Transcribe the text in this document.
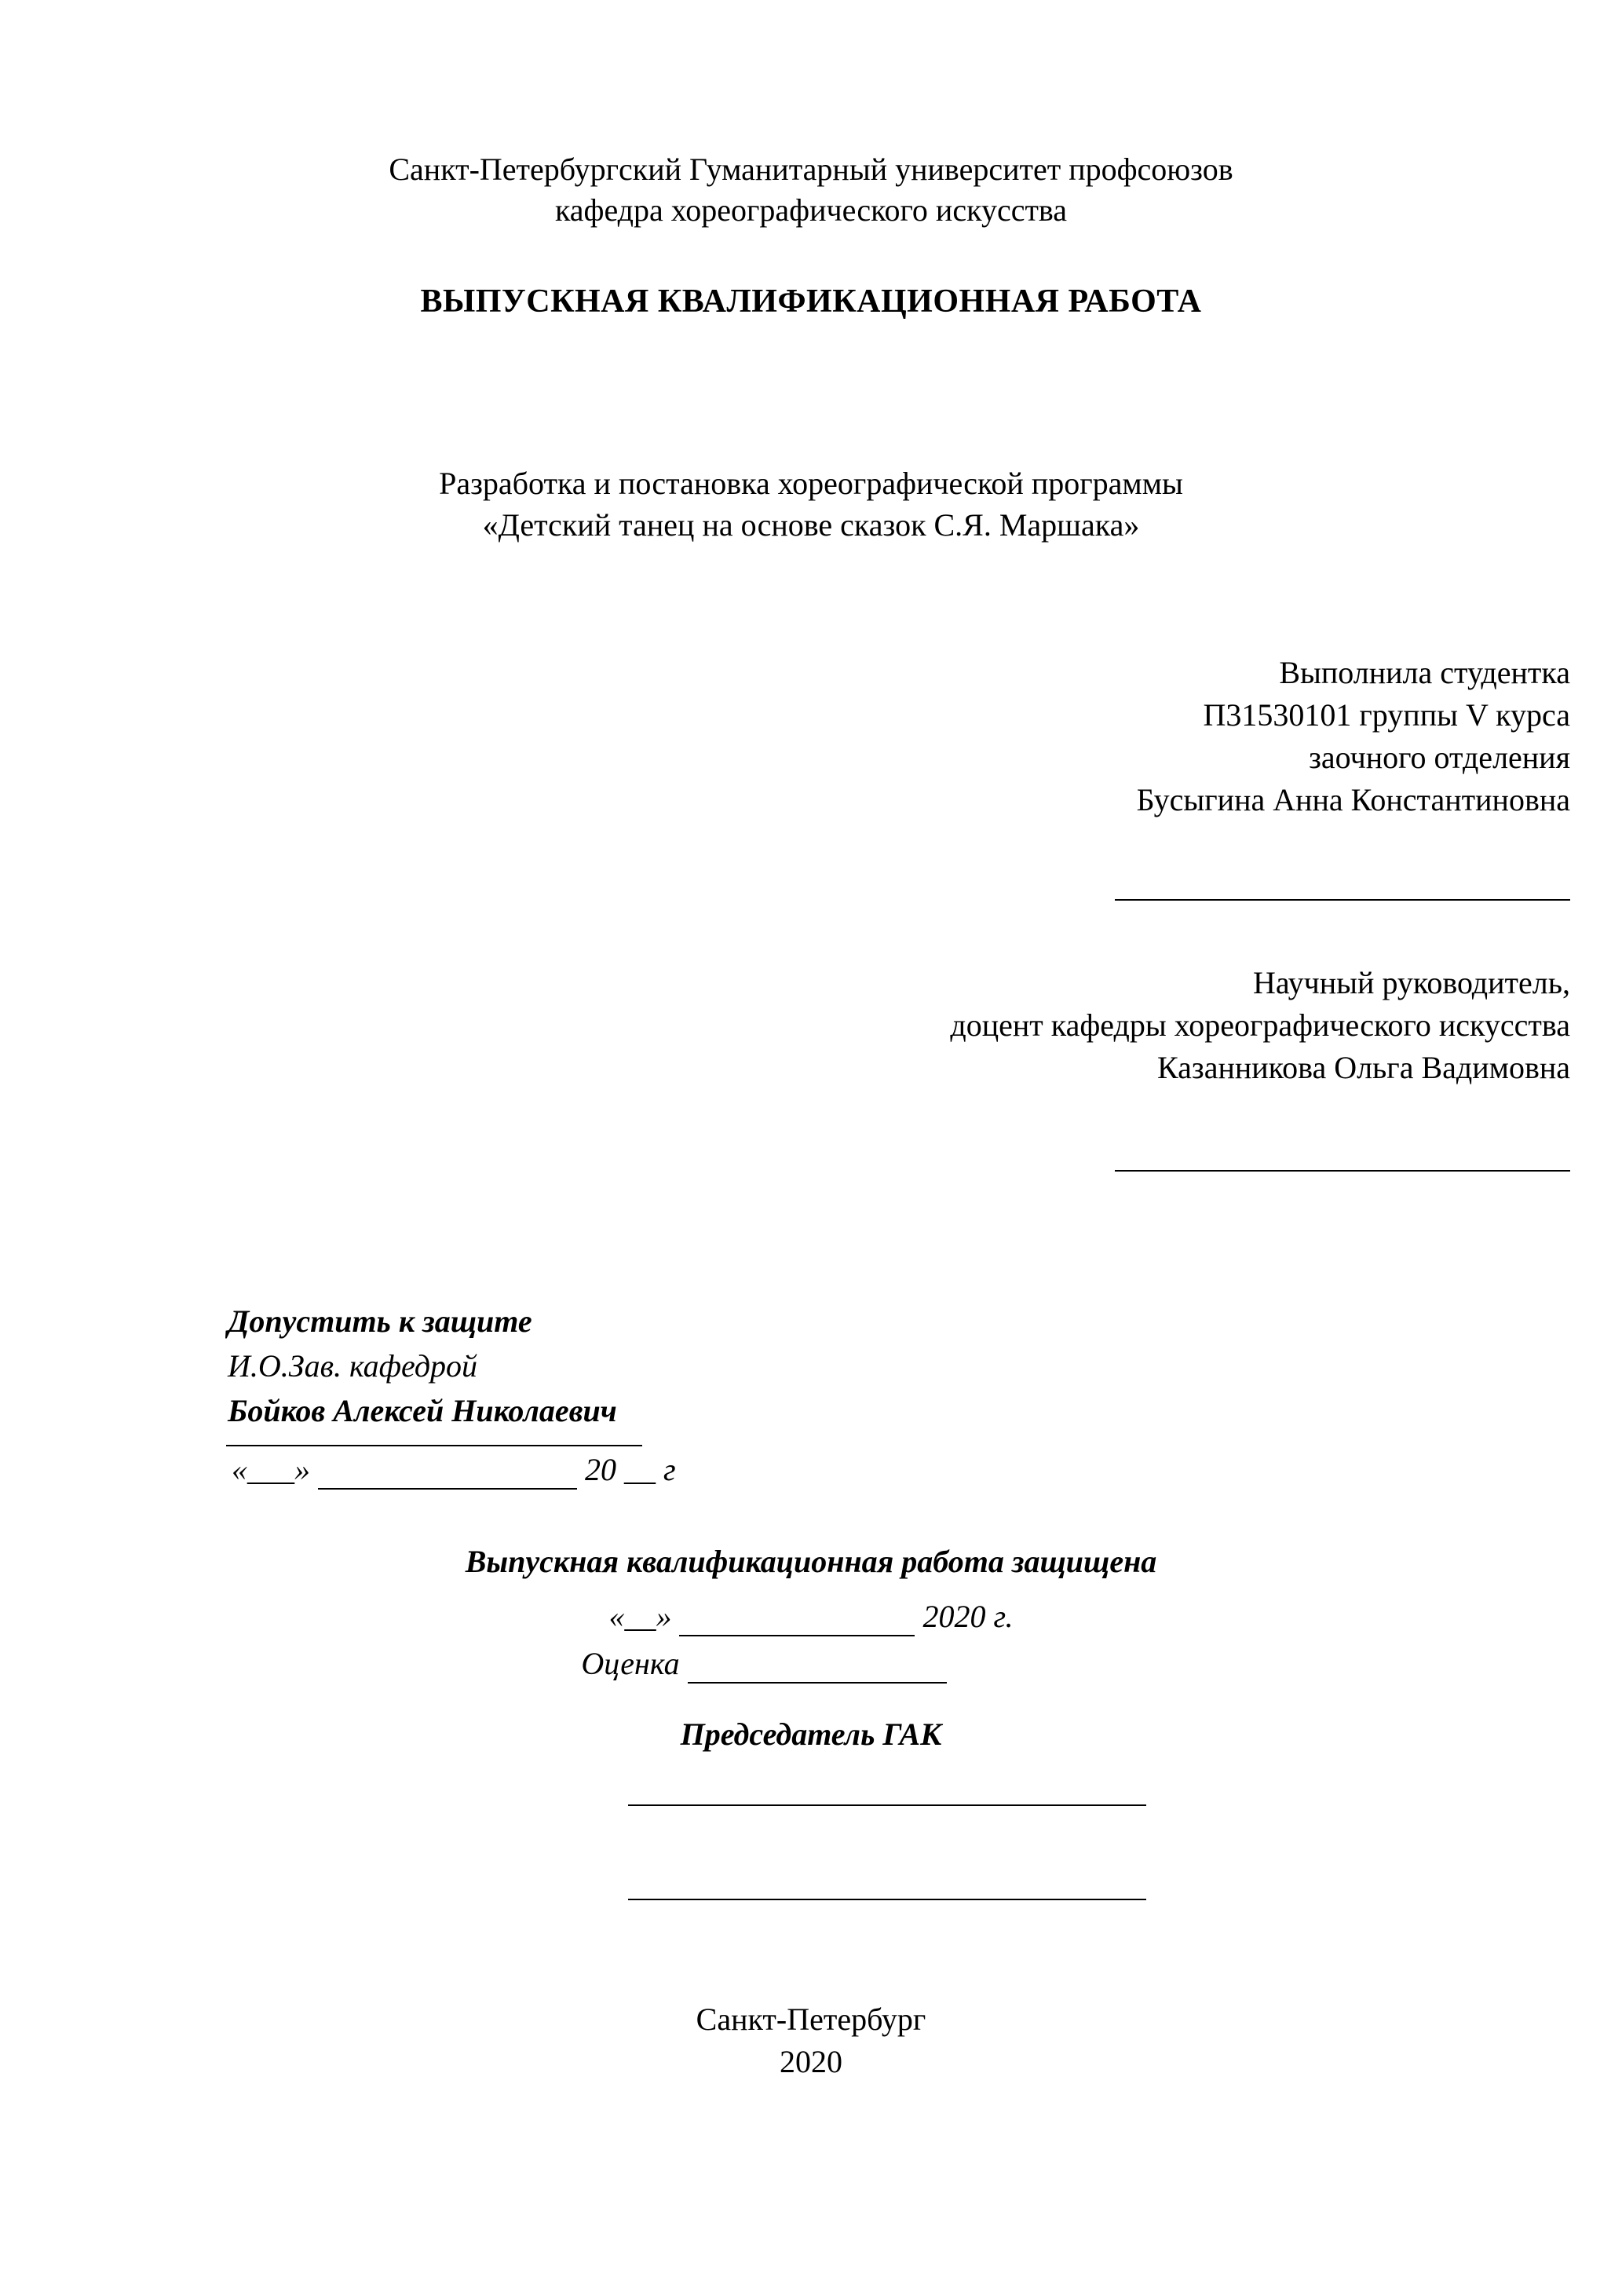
Санкт-Петербургский Гуманитарный университет профсоюзов
кафедра хореографического искусства
ВЫПУСКНАЯ КВАЛИФИКАЦИОННАЯ РАБОТА
Разработка и постановка хореографической программы
«Детский танец на основе сказок С.Я. Маршака»
Выполнила студентка
П31530101 группы V курса
заочного отделения
Бусыгина Анна Константиновна
Научный руководитель,
доцент кафедры хореографического искусства
Казанникова Ольга Вадимовна
Допустить к защите
И.О.Зав. кафедрой
Бойков Алексей Николаевич
«___»	20 __ г
Выпускная квалификационная работа защищена
«__»	2020 г.
Оценка
Председатель ГАК
Санкт-Петербург
2020
